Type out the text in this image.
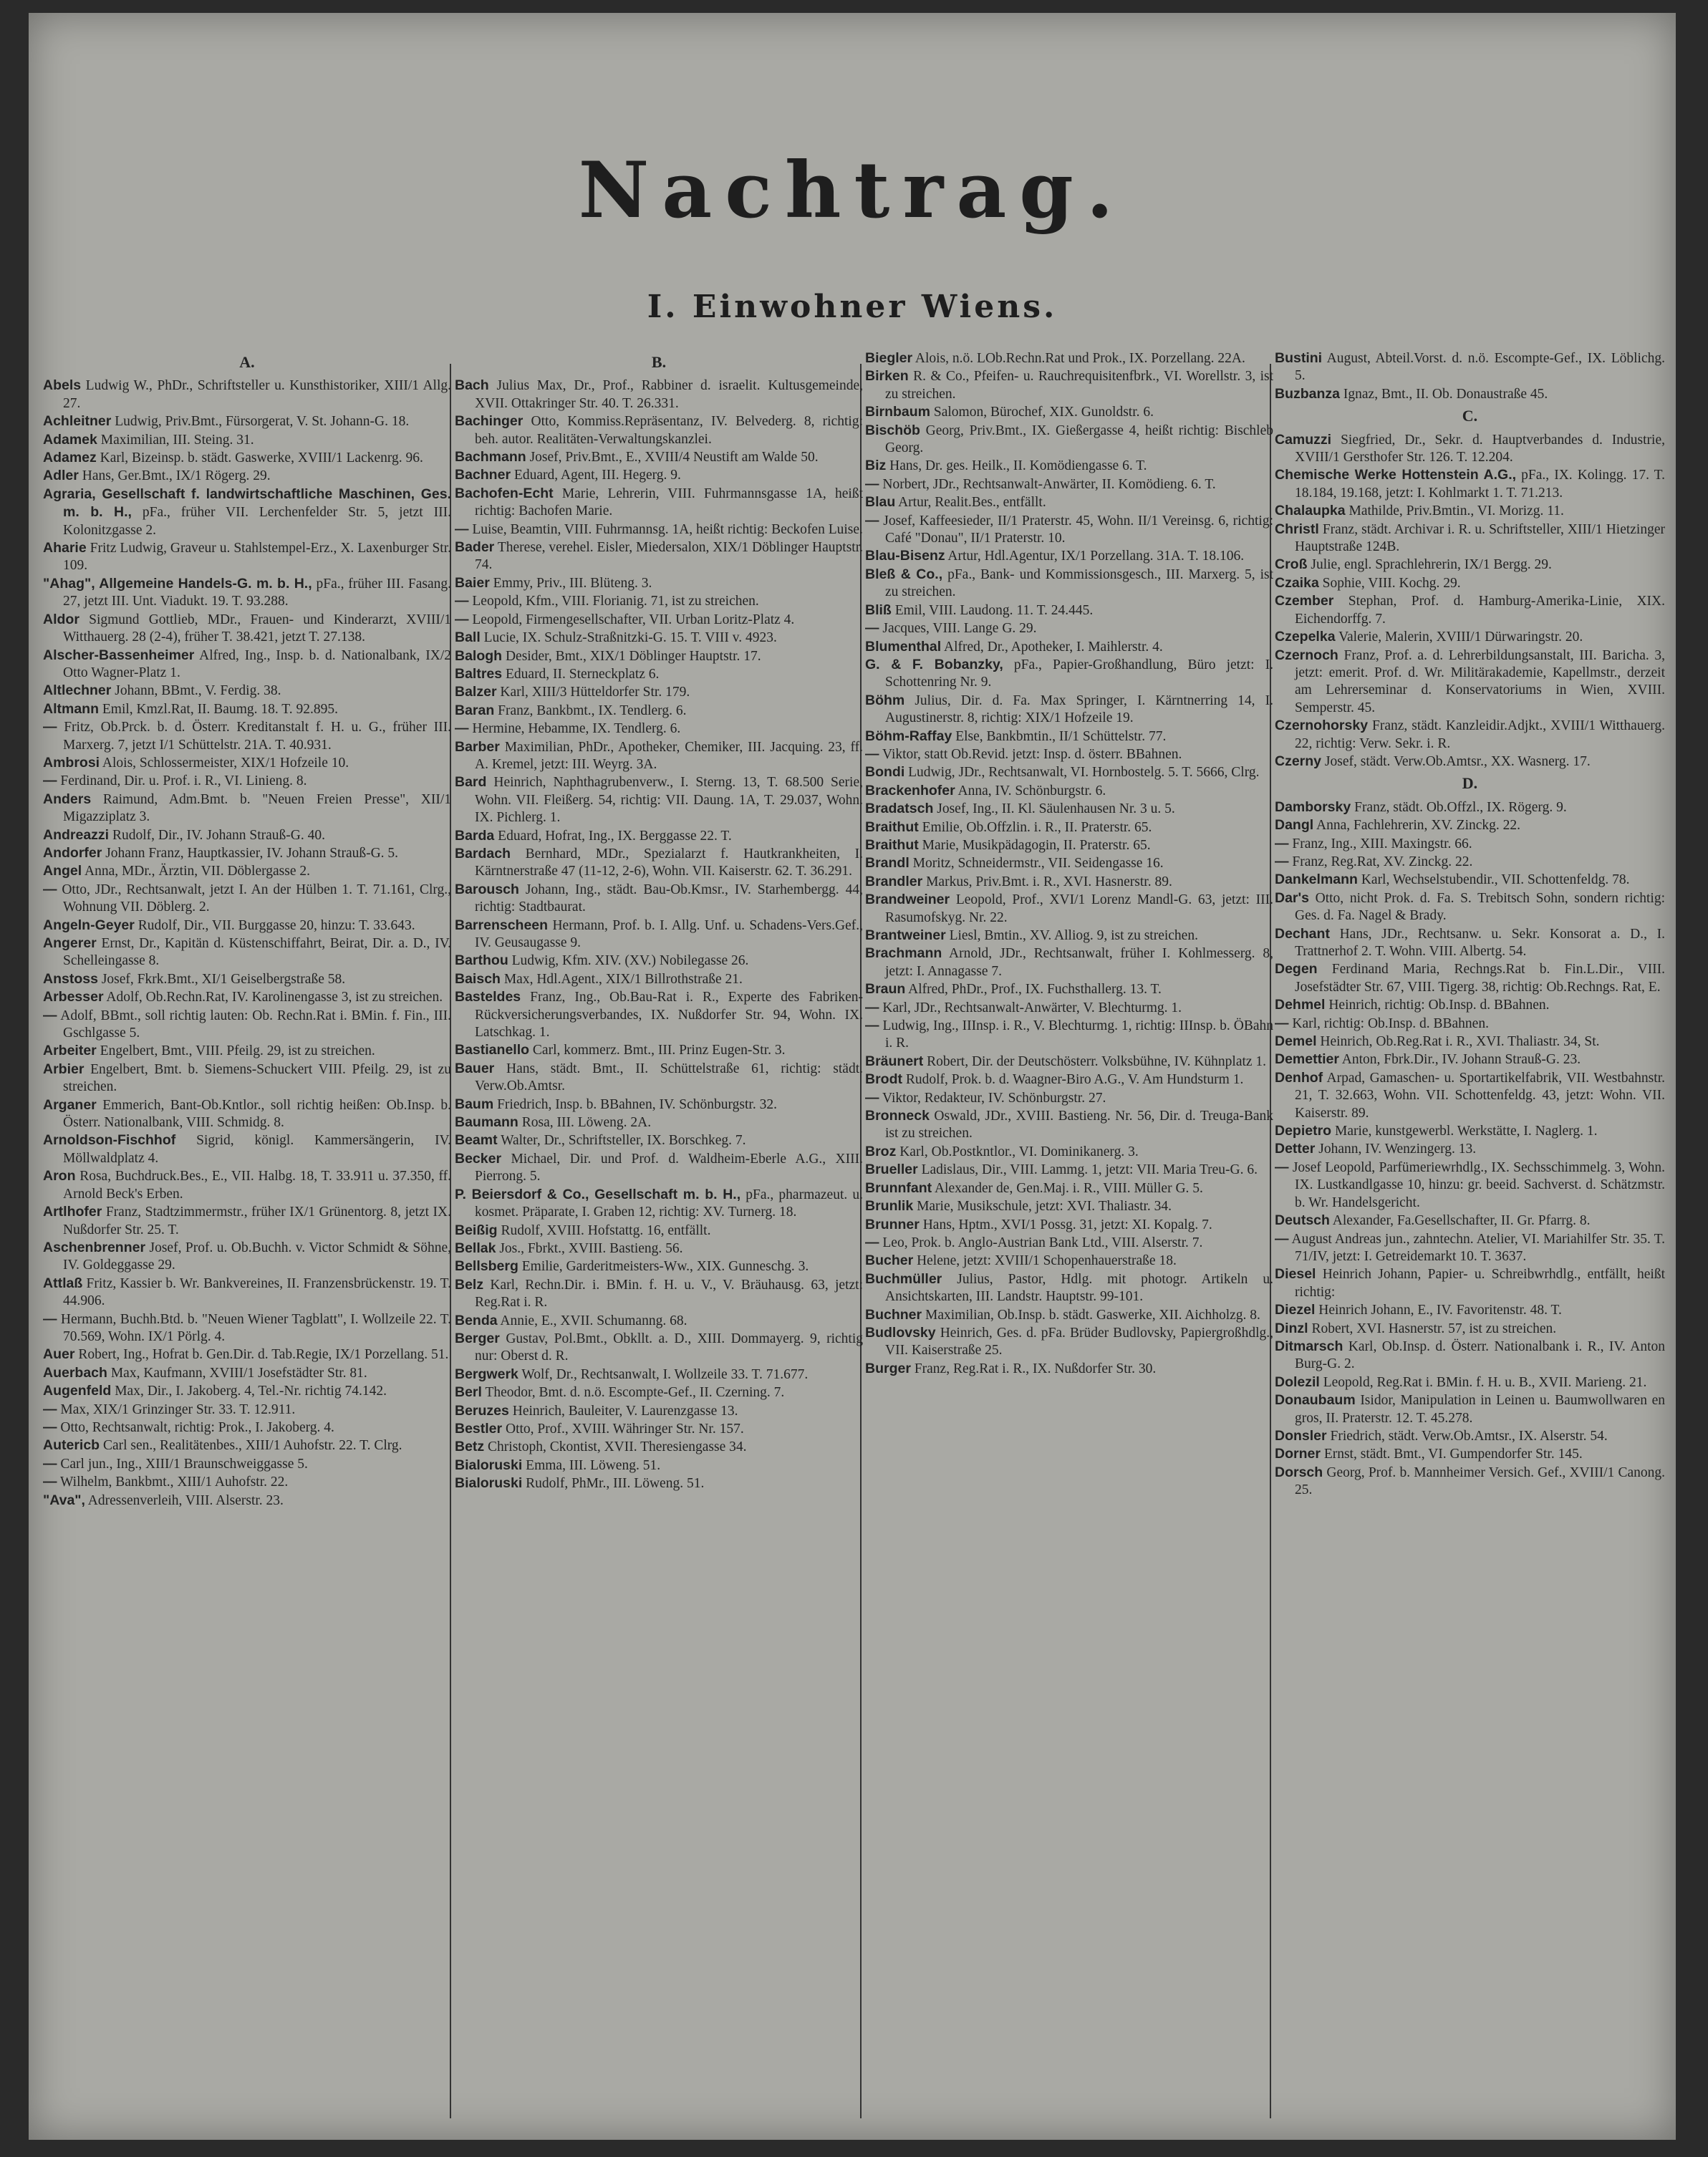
Nachtrag.
I. Einwohner Wiens.
A.

Abels Ludwig W., PhDr., Schriftsteller u. Kunsthistoriker, XIII/1 Allg. 27.

Achleitner Ludwig, Priv.Bmt., Fürsorgerat, V. St. Johann-G. 18.

Adamek Maximilian, III. Steing. 31.

Adamez Karl, Bizeinsp. b. städt. Gaswerke, XVIII/1 Lackenrg. 96.

Adler Hans, Ger.Bmt., IX/1 Rögerg. 29.

Agraria, Gesellschaft f. landwirtschaftliche Maschinen, Ges. m. b. H., pFa., früher VII. Lerchenfelder Str. 5, jetzt III. Kolonitzgasse 2.

Aharie Fritz Ludwig, Graveur u. Stahlstempel-Erz., X. Laxenburger Str. 109.

"Ahag", Allgemeine Handels-G. m. b. H., pFa., früher III. Fasang. 27, jetzt III. Unt. Viadukt. 19. T. 93.288.

Aldor Sigmund Gottlieb, MDr., Frauen- und Kinderarzt, XVIII/1 Witthauerg. 28 (2-4), früher T. 38.421, jetzt T. 27.138.

Alscher-Bassenheimer Alfred, Ing., Insp. b. d. Nationalbank, IX/2 Otto Wagner-Platz 1.

Altlechner Johann, BBmt., V. Ferdig. 38.

Altmann Emil, Kmzl.Rat, II. Baumg. 18. T. 92.895.

— Fritz, Ob.Prck. b. d. Österr. Kreditanstalt f. H. u. G., früher III. Marxerg. 7, jetzt I/1 Schüttelstr. 21A. T. 40.931.

Ambrosi Alois, Schlossermeister, XIX/1 Hofzeile 10.

— Ferdinand, Dir. u. Prof. i. R., VI. Linieng. 8.

Anders Raimund, Adm.Bmt. b. "Neuen Freien Presse", XII/1 Migazziplatz 3.

Andreazzi Rudolf, Dir., IV. Johann Strauß-G. 40.

Andorfer Johann Franz, Hauptkassier, IV. Johann Strauß-G. 5.

Angel Anna, MDr., Ärztin, VII. Döblergasse 2.

— Otto, JDr., Rechtsanwalt, jetzt I. An der Hülben 1. T. 71.161, Clrg., Wohnung VII. Döblerg. 2.

Angeln-Geyer Rudolf, Dir., VII. Burggasse 20, hinzu: T. 33.643.

Angerer Ernst, Dr., Kapitän d. Küstenschiffahrt, Beirat, Dir. a. D., IV. Schelleingasse 8.

Anstoss Josef, Fkrk.Bmt., XI/1 Geiselbergstraße 58.

Arbesser Adolf, Ob.Rechn.Rat, IV. Karolinengasse 3, ist zu streichen.

— Adolf, BBmt., soll richtig lauten: Ob. Rechn.Rat i. BMin. f. Fin., III. Gschlgasse 5.

Arbeiter Engelbert, Bmt., VIII. Pfeilg. 29, ist zu streichen.

Arbier Engelbert, Bmt. b. Siemens-Schuckert VIII. Pfeilg. 29, ist zu streichen.

Arganer Emmerich, Bant-Ob.Kntlor., soll richtig heißen: Ob.Insp. b. Österr. Nationalbank, VIII. Schmidg. 8.

Arnoldson-Fischhof Sigrid, königl. Kammersängerin, IV. Möllwaldplatz 4.

Aron Rosa, Buchdruck.Bes., E., VII. Halbg. 18, T. 33.911 u. 37.350, ff. Arnold Beck's Erben.

Artlhofer Franz, Stadtzimmermstr., früher IX/1 Grünentorg. 8, jetzt IX. Nußdorfer Str. 25. T.

Aschenbrenner Josef, Prof. u. Ob.Buchh. v. Victor Schmidt & Söhne, IV. Goldeggasse 29.

Attlaß Fritz, Kassier b. Wr. Bankvereines, II. Franzensbrückenstr. 19. T. 44.906.

— Hermann, Buchh.Btd. b. "Neuen Wiener Tagblatt", I. Wollzeile 22. T. 70.569, Wohn. IX/1 Pörlg. 4.

Auer Robert, Ing., Hofrat b. Gen.Dir. d. Tab.Regie, IX/1 Porzellang. 51.

Auerbach Max, Kaufmann, XVIII/1 Josefstädter Str. 81.

Augenfeld Max, Dir., I. Jakoberg. 4, Tel.-Nr. richtig 74.142.

— Max, XIX/1 Grinzinger Str. 33. T. 12.911.

— Otto, Rechtsanwalt, richtig: Prok., I. Jakoberg. 4.

Autericb Carl sen., Realitätenbes., XIII/1 Auhofstr. 22. T. Clrg.

— Carl jun., Ing., XIII/1 Braunschweiggasse 5.

— Wilhelm, Bankbmt., XIII/1 Auhofstr. 22.

"Ava", Adressenverleih, VIII. Alserstr. 23.

B.

Bach Julius Max, Dr., Prof., Rabbiner d. israelit. Kultusgemeinde, XVII. Ottakringer Str. 40. T. 26.331.

Bachinger Otto, Kommiss.Repräsentanz, IV. Belvederg. 8, richtig: beh. autor. Realitäten-Verwaltungskanzlei.

Bachmann Josef, Priv.Bmt., E., XVIII/4 Neustift am Walde 50.

Bachner Eduard, Agent, III. Hegerg. 9.

Bachofen-Echt Marie, Lehrerin, VIII. Fuhrmannsgasse 1A, heißt richtig: Bachofen Marie.

— Luise, Beamtin, VIII. Fuhrmannsg. 1A, heißt richtig: Beckofen Luise.

Bader Therese, verehel. Eisler, Miedersalon, XIX/1 Döblinger Hauptstr. 74.

Baier Emmy, Priv., III. Blüteng. 3.

— Leopold, Kfm., VIII. Florianig. 71, ist zu streichen.

— Leopold, Firmengesellschafter, VII. Urban Loritz-Platz 4.

Ball Lucie, IX. Schulz-Straßnitzki-G. 15. T. VIII v. 4923.

Balogh Desider, Bmt., XIX/1 Döblinger Hauptstr. 17.

Baltres Eduard, II. Sterneckplatz 6.

Balzer Karl, XIII/3 Hütteldorfer Str. 179.

Baran Franz, Bankbmt., IX. Tendlerg. 6.

— Hermine, Hebamme, IX. Tendlerg. 6.

Barber Maximilian, PhDr., Apotheker, Chemiker, III. Jacquing. 23, ff. A. Kremel, jetzt: III. Weyrg. 3A.

Bard Heinrich, Naphthagrubenverw., I. Sterng. 13, T. 68.500 Serie, Wohn. VII. Fleißerg. 54, richtig: VII. Daung. 1A, T. 29.037, Wohn. IX. Pichlerg. 1.

Barda Eduard, Hofrat, Ing., IX. Berggasse 22. T.

Bardach Bernhard, MDr., Spezialarzt f. Hautkrankheiten, I. Kärntnerstraße 47 (11-12, 2-6), Wohn. VII. Kaiserstr. 62. T. 36.291.

Barousch Johann, Ing., städt. Bau-Ob.Kmsr., IV. Starhembergg. 44, richtig: Stadtbaurat.

Barrenscheen Hermann, Prof. b. I. Allg. Unf. u. Schadens-Vers.Gef., IV. Geusaugasse 9.

Barthou Ludwig, Kfm. XIV. (XV.) Nobilegasse 26.

Baisch Max, Hdl.Agent., XIX/1 Billrothstraße 21.

Basteldes Franz, Ing., Ob.Bau-Rat i. R., Experte des Fabriken-Rückversicherungsverbandes, IX. Nußdorfer Str. 94, Wohn. IX. Latschkag. 1.

Bastianello Carl, kommerz. Bmt., III. Prinz Eugen-Str. 3.

Bauer Hans, städt. Bmt., II. Schüttelstraße 61, richtig: städt. Verw.Ob.Amtsr.

Baum Friedrich, Insp. b. BBahnen, IV. Schönburgstr. 32.

Baumann Rosa, III. Löweng. 2A.

Beamt Walter, Dr., Schriftsteller, IX. Borschkeg. 7.

Becker Michael, Dir. und Prof. d. Waldheim-Eberle A.G., XIII. Pierrong. 5.

P. Beiersdorf & Co., Gesellschaft m. b. H., pFa., pharmazeut. u. kosmet. Präparate, I. Graben 12, richtig: XV. Turnerg. 18.

Beißig Rudolf, XVIII. Hofstattg. 16, entfällt.

Bellak Jos., Fbrkt., XVIII. Bastieng. 56.

Bellsberg Emilie, Garderitmeisters-Ww., XIX. Gunneschg. 3.

Belz Karl, Rechn.Dir. i. BMin. f. H. u. V., V. Bräuhausg. 63, jetzt: Reg.Rat i. R.

Benda Annie, E., XVII. Schumanng. 68.

Berger Gustav, Pol.Bmt., Obkllt. a. D., XIII. Dommayerg. 9, richtig nur: Oberst d. R.

Bergwerk Wolf, Dr., Rechtsanwalt, I. Wollzeile 33. T. 71.677.

Berl Theodor, Bmt. d. n.ö. Escompte-Gef., II. Czerning. 7.

Beruzes Heinrich, Bauleiter, V. Laurenzgasse 13.

Bestler Otto, Prof., XVIII. Währinger Str. Nr. 157.

Betz Christoph, Ckontist, XVII. Theresiengasse 34.

Bialoruski Emma, III. Löweng. 51.

Bialoruski Rudolf, PhMr., III. Löweng. 51.

Biegler Alois, n.ö. LOb.Rechn.Rat und Prok., IX. Porzellang. 22A.

Birken R. & Co., Pfeifen- u. Rauchrequisitenfbrk., VI. Worellstr. 3, ist zu streichen.

Birnbaum Salomon, Bürochef, XIX. Gunoldstr. 6.

Bischöb Georg, Priv.Bmt., IX. Gießergasse 4, heißt richtig: Bischleb Georg.

Biz Hans, Dr. ges. Heilk., II. Komödiengasse 6. T.

— Norbert, JDr., Rechtsanwalt-Anwärter, II. Komödieng. 6. T.

Blau Artur, Realit.Bes., entfällt.

— Josef, Kaffeesieder, II/1 Praterstr. 45, Wohn. II/1 Vereinsg. 6, richtig: Café "Donau", II/1 Praterstr. 10.

Blau-Bisenz Artur, Hdl.Agentur, IX/1 Porzellang. 31A. T. 18.106.

Bleß & Co., pFa., Bank- und Kommissionsgesch., III. Marxerg. 5, ist zu streichen.

Bliß Emil, VIII. Laudong. 11. T. 24.445.

— Jacques, VIII. Lange G. 29.

Blumenthal Alfred, Dr., Apotheker, I. Maihlerstr. 4.

G. & F. Bobanzky, pFa., Papier-Großhandlung, Büro jetzt: I. Schottenring Nr. 9.

Böhm Julius, Dir. d. Fa. Max Springer, I. Kärntnerring 14, I. Augustinerstr. 8, richtig: XIX/1 Hofzeile 19.

Böhm-Raffay Else, Bankbmtin., II/1 Schüttelstr. 77.

— Viktor, statt Ob.Revid. jetzt: Insp. d. österr. BBahnen.

Bondi Ludwig, JDr., Rechtsanwalt, VI. Hornbostelg. 5. T. 5666, Clrg.

Brackenhofer Anna, IV. Schönburgstr. 6.

Bradatsch Josef, Ing., II. Kl. Säulenhausen Nr. 3 u. 5.

Braithut Emilie, Ob.Offzlin. i. R., II. Praterstr. 65.

Braithut Marie, Musikpädagogin, II. Praterstr. 65.

Brandl Moritz, Schneidermstr., VII. Seidengasse 16.

Brandler Markus, Priv.Bmt. i. R., XVI. Hasnerstr. 89.

Brandweiner Leopold, Prof., XVI/1 Lorenz Mandl-G. 63, jetzt: III. Rasumofskyg. Nr. 22.

Brantweiner Liesl, Bmtin., XV. Alliog. 9, ist zu streichen.

Brachmann Arnold, JDr., Rechtsanwalt, früher I. Kohlmesserg. 8, jetzt: I. Annagasse 7.

Braun Alfred, PhDr., Prof., IX. Fuchsthallerg. 13. T.

— Karl, JDr., Rechtsanwalt-Anwärter, V. Blechturmg. 1.

— Ludwig, Ing., IIInsp. i. R., V. Blechturmg. 1, richtig: IIInsp. b. ÖBahn i. R.

Bräunert Robert, Dir. der Deutschösterr. Volksbühne, IV. Kühnplatz 1.

Brodt Rudolf, Prok. b. d. Waagner-Biro A.G., V. Am Hundsturm 1.

— Viktor, Redakteur, IV. Schönburgstr. 27.

Bronneck Oswald, JDr., XVIII. Bastieng. Nr. 56, Dir. d. Treuga-Bank ist zu streichen.

Broz Karl, Ob.Postkntlor., VI. Dominikanerg. 3.

Brueller Ladislaus, Dir., VIII. Lammg. 1, jetzt: VII. Maria Treu-G. 6.

Brunnfant Alexander de, Gen.Maj. i. R., VIII. Müller G. 5.

Brunlik Marie, Musikschule, jetzt: XVI. Thaliastr. 34.

Brunner Hans, Hptm., XVI/1 Possg. 31, jetzt: XI. Kopalg. 7.

— Leo, Prok. b. Anglo-Austrian Bank Ltd., VIII. Alserstr. 7.

Bucher Helene, jetzt: XVIII/1 Schopenhauerstraße 18.

Buchmüller Julius, Pastor, Hdlg. mit photogr. Artikeln u. Ansichtskarten, III. Landstr. Hauptstr. 99-101.

Buchner Maximilian, Ob.Insp. b. städt. Gaswerke, XII. Aichholzg. 8.

Budlovsky Heinrich, Ges. d. pFa. Brüder Budlovsky, Papiergroßhdlg., VII. Kaiserstraße 25.

Burger Franz, Reg.Rat i. R., IX. Nußdorfer Str. 30.

Bustini August, Abteil.Vorst. d. n.ö. Escompte-Gef., IX. Löblichg. 5.

Buzbanza Ignaz, Bmt., II. Ob. Donaustraße 45.

C.

Camuzzi Siegfried, Dr., Sekr. d. Hauptverbandes d. Industrie, XVIII/1 Gersthofer Str. 126. T. 12.204.

Chemische Werke Hottenstein A.G., pFa., IX. Kolingg. 17. T. 18.184, 19.168, jetzt: I. Kohlmarkt 1. T. 71.213.

Chalaupka Mathilde, Priv.Bmtin., VI. Morizg. 11.

Christl Franz, städt. Archivar i. R. u. Schriftsteller, XIII/1 Hietzinger Hauptstraße 124B.

Croß Julie, engl. Sprachlehrerin, IX/1 Bergg. 29.

Czaika Sophie, VIII. Kochg. 29.

Czember Stephan, Prof. d. Hamburg-Amerika-Linie, XIX. Eichendorffg. 7.

Czepelka Valerie, Malerin, XVIII/1 Dürwaringstr. 20.

Czernoch Franz, Prof. a. d. Lehrerbildungsanstalt, III. Baricha. 3, jetzt: emerit. Prof. d. Wr. Militärakademie, Kapellmstr., derzeit am Lehrerseminar d. Konservatoriums in Wien, XVIII. Semperstr. 45.

Czernohorsky Franz, städt. Kanzleidir.Adjkt., XVIII/1 Witthauerg. 22, richtig: Verw. Sekr. i. R.

Czerny Josef, städt. Verw.Ob.Amtsr., XX. Wasnerg. 17.

D.

Damborsky Franz, städt. Ob.Offzl., IX. Rögerg. 9.

Dangl Anna, Fachlehrerin, XV. Zinckg. 22.

— Franz, Ing., XIII. Maxingstr. 66.

— Franz, Reg.Rat, XV. Zinckg. 22.

Dankelmann Karl, Wechselstubendir., VII. Schottenfeldg. 78.

Dar's Otto, nicht Prok. d. Fa. S. Trebitsch Sohn, sondern richtig: Ges. d. Fa. Nagel & Brady.

Dechant Hans, JDr., Rechtsanw. u. Sekr. Konsorat a. D., I. Trattnerhof 2. T. Wohn. VIII. Albertg. 54.

Degen Ferdinand Maria, Rechngs.Rat b. Fin.L.Dir., VIII. Josefstädter Str. 67, VIII. Tigerg. 38, richtig: Ob.Rechngs. Rat, E.

Dehmel Heinrich, richtig: Ob.Insp. d. BBahnen.

— Karl, richtig: Ob.Insp. d. BBahnen.

Demel Heinrich, Ob.Reg.Rat i. R., XVI. Thaliastr. 34, St.

Demettier Anton, Fbrk.Dir., IV. Johann Strauß-G. 23.

Denhof Arpad, Gamaschen- u. Sportartikelfabrik, VII. Westbahnstr. 21, T. 32.663, Wohn. VII. Schottenfeldg. 43, jetzt: Wohn. VII. Kaiserstr. 89.

Depietro Marie, kunstgewerbl. Werkstätte, I. Naglerg. 1.

Detter Johann, IV. Wenzingerg. 13.

— Josef Leopold, Parfümeriewrhdlg., IX. Sechsschimmelg. 3, Wohn. IX. Lustkandlgasse 10, hinzu: gr. beeid. Sachverst. d. Schätzmstr. b. Wr. Handelsgericht.

Deutsch Alexander, Fa.Gesellschafter, II. Gr. Pfarrg. 8.

— August Andreas jun., zahntechn. Atelier, VI. Mariahilfer Str. 35. T. 71/IV, jetzt: I. Getreidemarkt 10. T. 3637.

Diesel Heinrich Johann, Papier- u. Schreibwrhdlg., entfällt, heißt richtig:

Diezel Heinrich Johann, E., IV. Favoritenstr. 48. T.

Dinzl Robert, XVI. Hasnerstr. 57, ist zu streichen.

Ditmarsch Karl, Ob.Insp. d. Österr. Nationalbank i. R., IV. Anton Burg-G. 2.

Dolezil Leopold, Reg.Rat i. BMin. f. H. u. B., XVII. Marieng. 21.

Donaubaum Isidor, Manipulation in Leinen u. Baumwollwaren en gros, II. Praterstr. 12. T. 45.278.

Donsler Friedrich, städt. Verw.Ob.Amtsr., IX. Alserstr. 54.

Dorner Ernst, städt. Bmt., VI. Gumpendorfer Str. 145.

Dorsch Georg, Prof. b. Mannheimer Versich. Gef., XVIII/1 Canong. 25.
